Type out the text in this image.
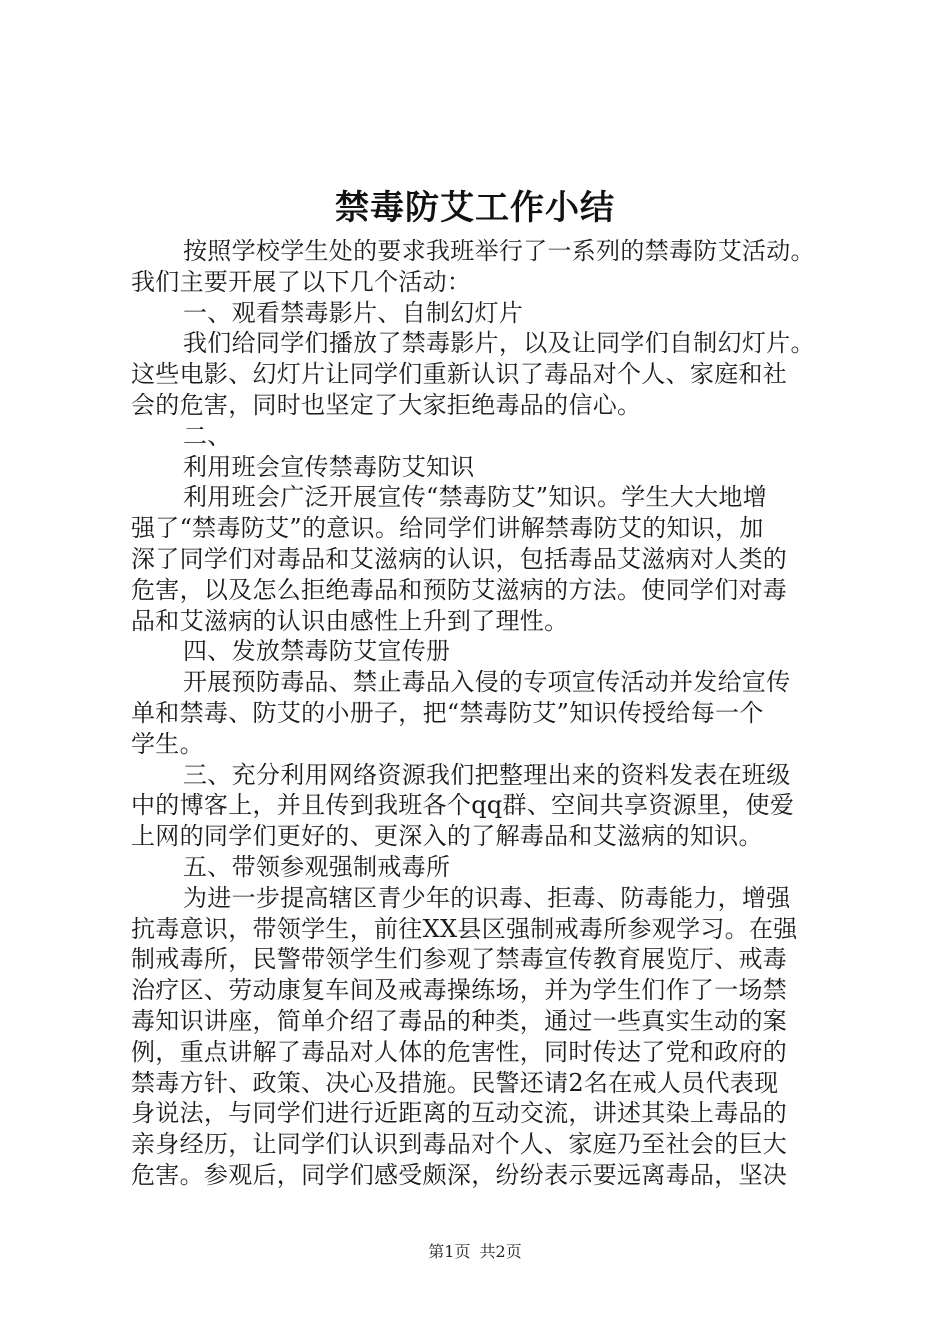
禁毒防艾工作小结

按照学校学生处的要求我班举行了一系列的禁毒防艾活动。

我们主要开展了以下几个活动：

一、观看禁毒影片、自制幻灯片

我们给同学们播放了禁毒影片，以及让同学们自制幻灯片。

这些电影、幻灯片让同学们重新认识了毒品对个人、家庭和社

会的危害，同时也坚定了大家拒绝毒品的信心。

二、

利用班会宣传禁毒防艾知识

利用班会广泛开展宣传“禁毒防艾”知识。学生大大地增

强了“禁毒防艾”的意识。给同学们讲解禁毒防艾的知识，加

深了同学们对毒品和艾滋病的认识，包括毒品艾滋病对人类的

危害，以及怎么拒绝毒品和预防艾滋病的方法。使同学们对毒

品和艾滋病的认识由感性上升到了理性。

四、发放禁毒防艾宣传册

开展预防毒品、禁止毒品入侵的专项宣传活动并发给宣传

单和禁毒、防艾的小册子，把“禁毒防艾”知识传授给每一个

学生。

三、充分利用网络资源我们把整理出来的资料发表在班级

中的博客上，并且传到我班各个qq群、空间共享资源里，使爱

上网的同学们更好的、更深入的了解毒品和艾滋病的知识。

五、带领参观强制戒毒所

为进一步提高辖区青少年的识毒、拒毒、防毒能力，增强

抗毒意识，带领学生，前往XX县区强制戒毒所参观学习。在强

制戒毒所，民警带领学生们参观了禁毒宣传教育展览厅、戒毒

治疗区、劳动康复车间及戒毒操练场，并为学生们作了一场禁

毒知识讲座，简单介绍了毒品的种类，通过一些真实生动的案

例，重点讲解了毒品对人体的危害性，同时传达了党和政府的

禁毒方针、政策、决心及措施。民警还请2名在戒人员代表现

身说法，与同学们进行近距离的互动交流，讲述其染上毒品的

亲身经历，让同学们认识到毒品对个人、家庭乃至社会的巨大

危害。参观后，同学们感受颇深，纷纷表示要远离毒品，坚决

第1页 共2页
